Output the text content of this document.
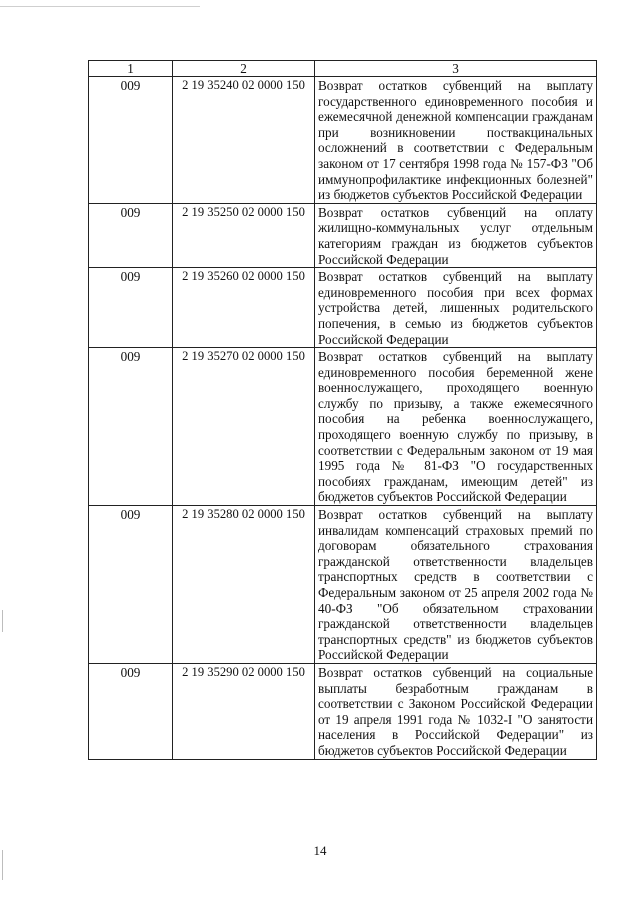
1	2	3
009	2 19 35240 02 0000 150	Возврат остатков субвенций на выплату государственного единовременного пособия и ежемесячной денежной компенсации гражданам при возникновении поствакцинальных осложнений в соответствии с Федеральным законом от 17 сентября 1998 года № 157-ФЗ "Об иммунопрофилактике инфекционных болезней" из бюджетов субъектов Российской Федерации
009	2 19 35250 02 0000 150	Возврат остатков субвенций на оплату жилищно-коммунальных услуг отдельным категориям граждан из бюджетов субъектов Российской Федерации
009	2 19 35260 02 0000 150	Возврат остатков субвенций на выплату единовременного пособия при всех формах устройства детей, лишенных родительского попечения, в семью из бюджетов субъектов Российской Федерации
009	2 19 35270 02 0000 150	Возврат остатков субвенций на выплату единовременного пособия беременной жене военнослужащего, проходящего военную службу по призыву, а также ежемесячного пособия на ребенка военнослужащего, проходящего военную службу по призыву, в соответствии с Федеральным законом от 19 мая 1995 года № 81-ФЗ "О государственных пособиях гражданам, имеющим детей" из бюджетов субъектов Российской Федерации
009	2 19 35280 02 0000 150	Возврат остатков субвенций на выплату инвалидам компенсаций страховых премий по договорам обязательного страхования гражданской ответственности владельцев транспортных средств в соответствии с Федеральным законом от 25 апреля 2002 года № 40-ФЗ "Об обязательном страховании гражданской ответственности владельцев транспортных средств" из бюджетов субъектов Российской Федерации
009	2 19 35290 02 0000 150	Возврат остатков субвенций на социальные выплаты безработным гражданам в соответствии с Законом Российской Федерации от 19 апреля 1991 года № 1032-I "О занятости населения в Российской Федерации" из бюджетов субъектов Российской Федерации
14
